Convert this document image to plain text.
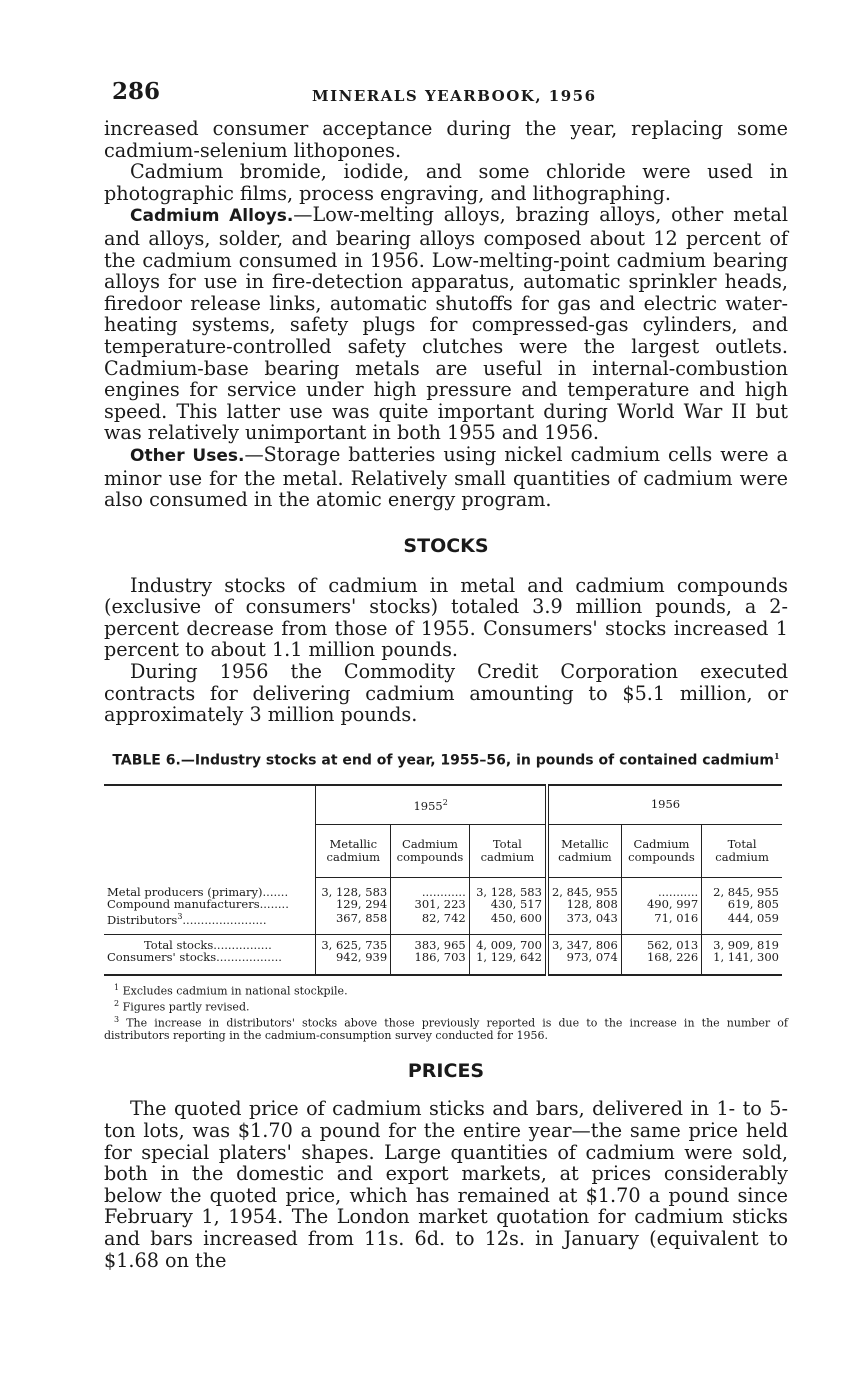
286	MINERALS YEARBOOK, 1956

increased consumer acceptance during the year, replacing some cadmium-selenium lithopones.

Cadmium bromide, iodide, and some chloride were used in photographic films, process engraving, and lithographing.

Cadmium Alloys.—Low-melting alloys, brazing alloys, other metal and alloys, solder, and bearing alloys composed about 12 percent of the cadmium consumed in 1956. Low-melting-point cadmium bearing alloys for use in fire-detection apparatus, automatic sprinkler heads, firedoor release links, automatic shutoffs for gas and electric water-heating systems, safety plugs for compressed-gas cylinders, and temperature-controlled safety clutches were the largest outlets. Cadmium-base bearing metals are useful in internal-combustion engines for service under high pressure and temperature and high speed. This latter use was quite important during World War II but was relatively unimportant in both 1955 and 1956.

Other Uses.—Storage batteries using nickel cadmium cells were a minor use for the metal. Relatively small quantities of cadmium were also consumed in the atomic energy program.

STOCKS

Industry stocks of cadmium in metal and cadmium compounds (exclusive of consumers' stocks) totaled 3.9 million pounds, a 2-percent decrease from those of 1955. Consumers' stocks increased 1 percent to about 1.1 million pounds.

During 1956 the Commodity Credit Corporation executed contracts for delivering cadmium amounting to $5.1 million, or approximately 3 million pounds.

TABLE 6.—Industry stocks at end of year, 1955–56, in pounds of contained cadmium$^1$
	1955$^2$			1956		
	Metallic cadmium	Cadmium compounds	Total cadmium	Metallic cadmium	Cadmium compounds	Total cadmium

Metal producers (primary).......	3, 128, 583	............	3, 128, 583	2, 845, 955	...........	2, 845, 955
Compound manufacturers........	129, 294	301, 223	430, 517	128, 808	490, 997	619, 805
Distributors$^3$.......................	367, 858	82, 742	450, 600	373, 043	71, 016	444, 059

Total stocks................	3, 625, 735	383, 965	4, 009, 700	3, 347, 806	562, 013	3, 909, 819
Consumers' stocks..................	942, 939	186, 703	1, 129, 642	973, 074	168, 226	1, 141, 300
$^1$ Excludes cadmium in national stockpile.
$^2$ Figures partly revised.
$^3$ The increase in distributors' stocks above those previously reported is due to the increase in the number of distributors reporting in the cadmium-consumption survey conducted for 1956.
PRICES

The quoted price of cadmium sticks and bars, delivered in 1- to 5-ton lots, was $1.70 a pound for the entire year—the same price held for special platers' shapes. Large quantities of cadmium were sold, both in the domestic and export markets, at prices considerably below the quoted price, which has remained at $1.70 a pound since February 1, 1954. The London market quotation for cadmium sticks and bars increased from 11s. 6d. to 12s. in January (equivalent to $1.68 on the
